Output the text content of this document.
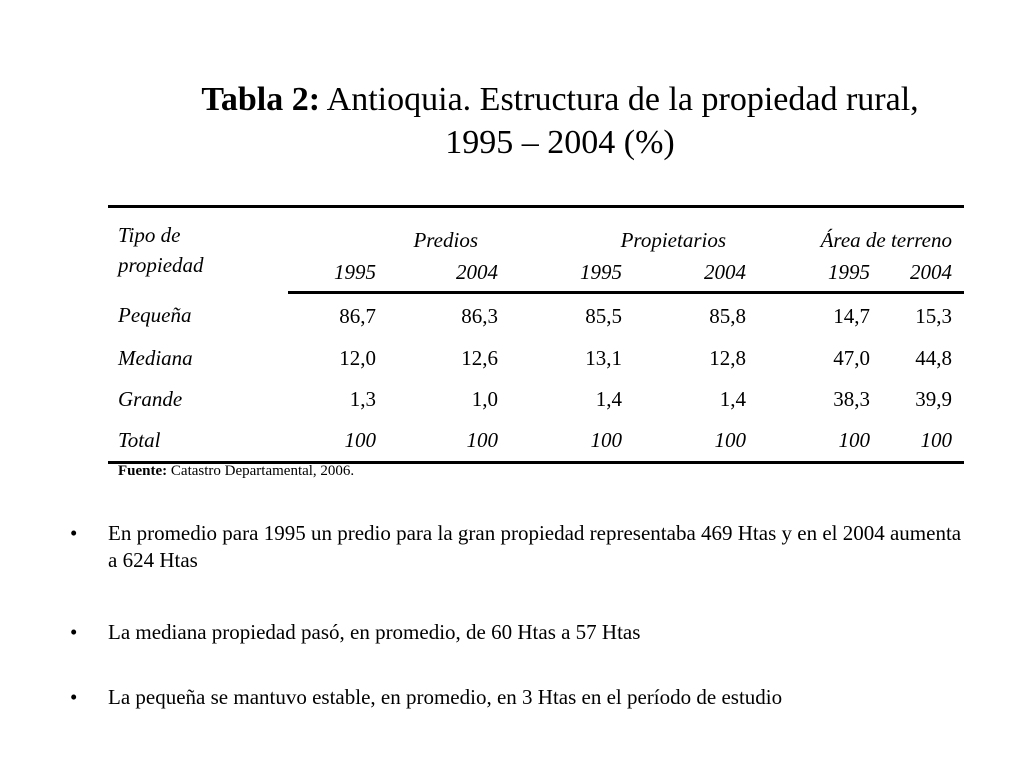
Tabla 2: Antioquia. Estructura de la propiedad rural,
1995 – 2004 (%)
Tipo de
propiedad	Predios		Propietarios		Área de terreno	
	1995	2004	1995	2004	1995	2004
Pequeña	86,7	86,3	85,5	85,8	14,7	15,3
Mediana	12,0	12,6	13,1	12,8	47,0	44,8
Grande	1,3	1,0	1,4	1,4	38,3	39,9
Total	100	100	100	100	100	100
Fuente: Catastro Departamental, 2006.
• En promedio para 1995 un predio para la gran propiedad representaba 469 Htas y en el 2004 aumenta a 624 Htas
• La mediana propiedad pasó, en promedio, de 60 Htas a 57 Htas
• La pequeña se mantuvo estable, en promedio, en 3 Htas en el período de estudio
